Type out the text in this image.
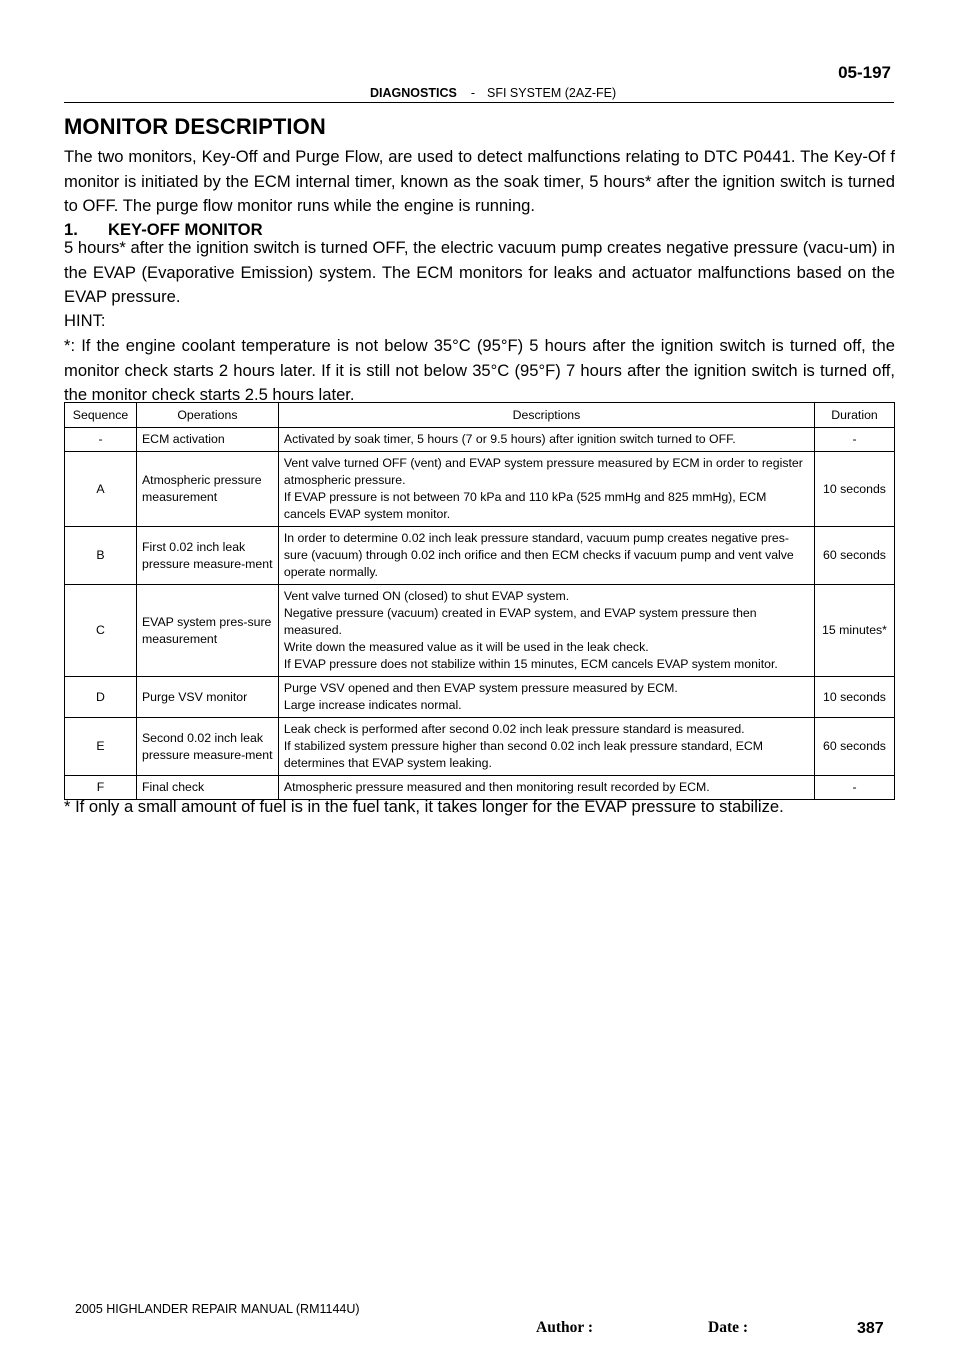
05-197
DIAGNOSTICS - SFI SYSTEM (2AZ-FE)
MONITOR DESCRIPTION
The two monitors, Key-Off and Purge Flow, are used to detect malfunctions relating to DTC P0441. The Key-Of f monitor is initiated by the ECM internal timer, known as the soak timer, 5 hours* after the ignition switch is turned to OFF. The purge flow monitor runs while the engine is running.
1. KEY-OFF MONITOR
5 hours* after the ignition switch is turned OFF, the electric vacuum pump creates negative pressure (vacu-um) in the EVAP (Evaporative Emission) system. The ECM monitors for leaks and actuator malfunctions based on the EVAP pressure.
HINT:
*: If the engine coolant temperature is not below 35°C (95°F) 5 hours after the ignition switch is turned off, the monitor check starts 2 hours later. If it is still not below 35°C (95°F) 7 hours after the ignition switch is turned off, the monitor check starts 2.5 hours later.
Sequence	Operations	Descriptions	Duration
-	ECM activation	Activated by soak timer, 5 hours (7 or 9.5 hours) after ignition switch turned to OFF.	-
A	Atmospheric pressure measurement	Vent valve turned OFF (vent) and EVAP system pressure measured by ECM in order to register atmospheric pressure.
If EVAP pressure is not between 70 kPa and 110 kPa (525 mmHg and 825 mmHg), ECM cancels EVAP system monitor.	10 seconds
B	First 0.02 inch leak pressure measure-ment	In order to determine 0.02 inch leak pressure standard, vacuum pump creates negative pres-sure (vacuum) through 0.02 inch orifice and then ECM checks if vacuum pump and vent valve operate normally.	60 seconds
C	EVAP system pres-sure measurement	Vent valve turned ON (closed) to shut EVAP system.
Negative pressure (vacuum) created in EVAP system, and EVAP system pressure then measured.
Write down the measured value as it will be used in the leak check.
If EVAP pressure does not stabilize within 15 minutes, ECM cancels EVAP system monitor.	15 minutes*
D	Purge VSV monitor	Purge VSV opened and then EVAP system pressure measured by ECM.
Large increase indicates normal.	10 seconds
E	Second 0.02 inch leak pressure measure-ment	Leak check is performed after second 0.02 inch leak pressure standard is measured.
If stabilized system pressure higher than second 0.02 inch leak pressure standard, ECM determines that EVAP system leaking.	60 seconds
F	Final check	Atmospheric pressure measured and then monitoring result recorded by ECM.	-
* If only a small amount of fuel is in the fuel tank, it takes longer for the EVAP pressure to stabilize.
2005 HIGHLANDER REPAIR MANUAL (RM1144U)
Author :	Date :	387
